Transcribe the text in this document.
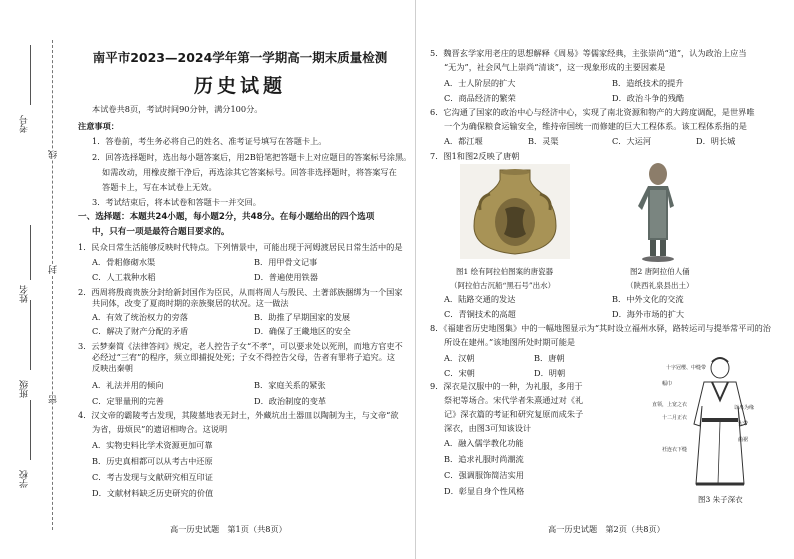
学校
班级
姓名
考号
密
封
线
南平市2023—2024学年第一学期高一期末质量检测
历史试题
本试卷共8页，考试时间90分钟，满分100分。
注意事项：
1．答卷前，考生务必将自己的姓名、准考证号填写在答题卡上。
2．回答选择题时，选出每小题答案后，用2B铅笔把答题卡上对应题目的答案标号涂黑。
如需改动，用橡皮擦干净后，再选涂其它答案标号。回答非选择题时，将答案写在
答题卡上，写在本试卷上无效。
3．考试结束后，将本试卷和答题卡一并交回。
一、选择题：本题共24小题，每小题2分，共48分。在每小题给出的四个选项
中，只有一项是最符合题目要求的。
1．民众日常生活能够反映时代特点。下列情景中，可能出现于河姆渡居民日常生活中的是
A．骨耜修砌水渠	B．用甲骨文记事
C．人工栽种水稻	D．普遍使用铁器
2．西周将殷商贵族分封给新封国作为臣民，从而将周人与殷民、土著部族捆绑为一个国家
共同体，改变了夏商时期的亲族聚居的状况。这一做法
A．有效了统治权力的旁落	B．助推了早期国家的发展
C．解决了财产分配的矛盾	D．确保了王畿地区的安全
3．云梦秦简《法律答问》规定，老人控告子女“不孝”，可以要求处以死刑，而地方官吏不
必经过“三宥”的程序，须立即捕捉处死；子女不得控告父母，告者有罪将子追究。这
反映出秦朝
A．礼法并用的倾向	B．家庭关系的紧张
C．定罪量刑的完善	D．政治制度的变革
4．汉文帝的霸陵考古发现，其陵墓地表无封土，外藏坑出土器皿以陶制为主，与文帝“欲
为省，毋烦民”的遗诏相吻合。这说明
A．实物史料比学术资源更加可靠
B．历史真相都可以从考古中还原
C．考古发现与文献研究相互印证
D．文献材料缺乏历史研究的价值
高一历史试题　第1页（共8页）
5．魏晋玄学家用老庄的思想解释《周易》等儒家经典，主张崇尚“道”，认为政治上应当
“无为”，社会风气上崇尚“清谈”，这一现象形成的主要因素是
A．士人阶层的扩大	B．造纸技术的提升
C．商品经济的繁荣	D．政治斗争的残酷
6．它沟通了国家的政治中心与经济中心，实现了南北资源和物产的大跨度调配，是世界唯
一个为确保粮食运输安全，维持帝国统一而修建的巨大工程体系。该工程体系指的是
A．都江堰	B．灵渠	C．大运河	D．明长城
7．图1和图2反映了唐朝
图1 绘有阿拉伯图案的唐瓷器
（阿拉伯古沉船“黑石号”出水）
图2 唐阿拉伯人俑
（陕西礼泉县出土）
A．陆路交通的发达	B．中外文化的交流
C．青铜技术的高超	D．海外市场的扩大
8．《福建省历史地图集》中的一幅地图显示为“其时设立福州水驿，路转运司与提举常平司的治
所设在建州。”该地图所处时期可能是
A．汉朝	B．唐朝
C．宋朝	D．明朝
9．深衣是汉服中的一种，为礼服，多用于
祭祀等场合。宋代学者朱熹通过对《礼
记》深衣篇的考证和研究复原而成朱子
深衣，由图3可知该设计
A．融入儒学教化功能
B．追求礼服时尚潮流
C．强调服饰简洁实用
D．彰显自身个性风格
十字冠缨、中缝带
幅巾
直领，上宽之衣
十二月正衣
以帛为缘
大带
曲裾
衽连衣下缝
图3 朱子深衣
高一历史试题　第2页（共8页）
